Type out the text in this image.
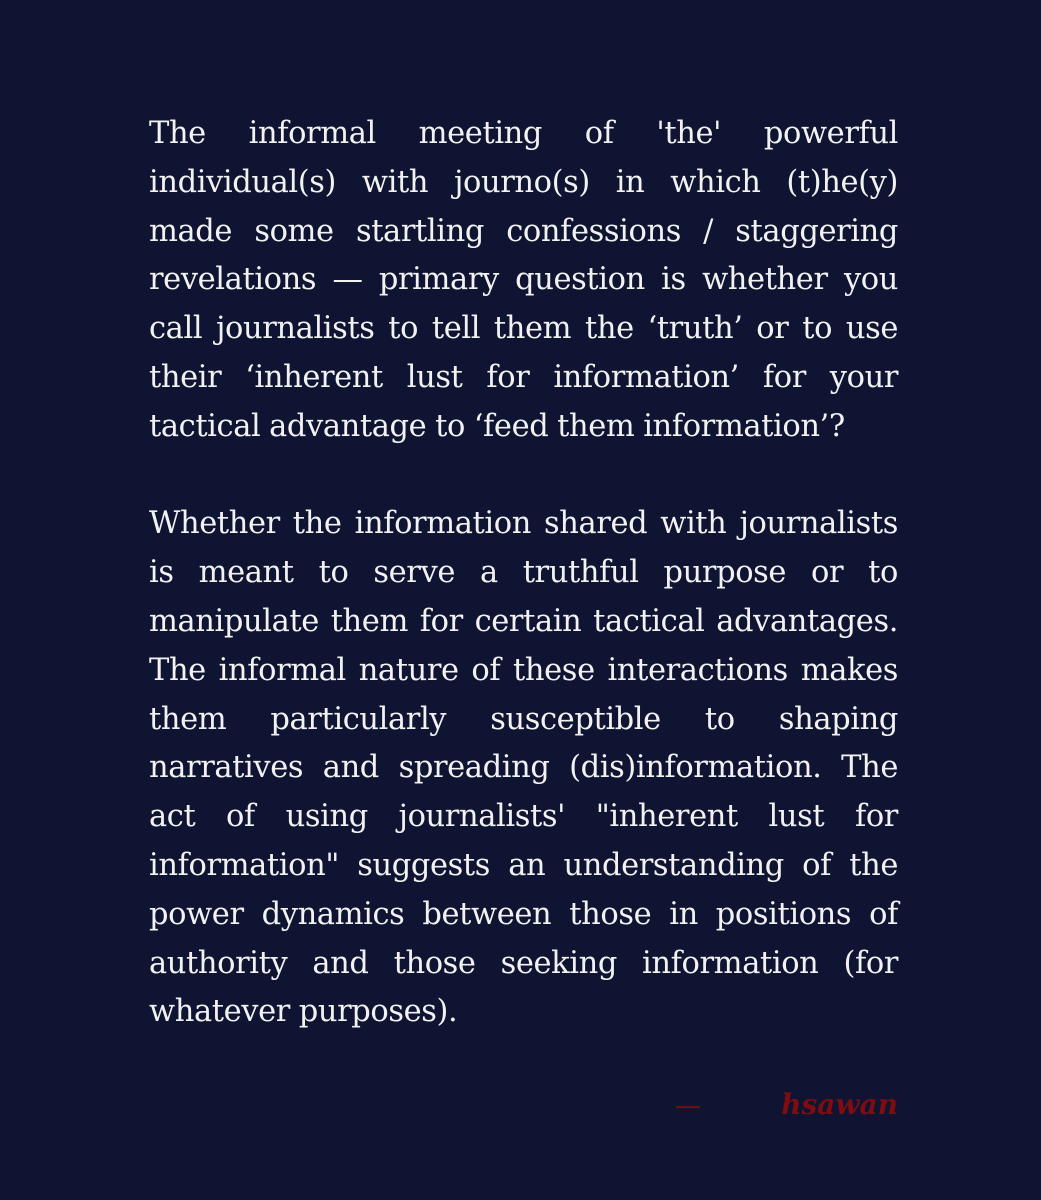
The informal meeting of 'the' powerful individual(s) with journo(s) in which (t)he(y) made some startling confessions / staggering revelations — primary question is whether you call journalists to tell them the ‘truth’ or to use their ‘inherent lust for information’ for your tactical advantage to ‘feed them information’?

Whether the information shared with journalists is meant to serve a truthful purpose or to manipulate them for certain tactical advantages. The informal nature of these interactions makes them particularly susceptible to shaping narratives and spreading (dis)information. The act of using journalists' "inherent lust for information" suggests an understanding of the power dynamics between those in positions of authority and those seeking information (for whatever purposes).

—	hsawan
